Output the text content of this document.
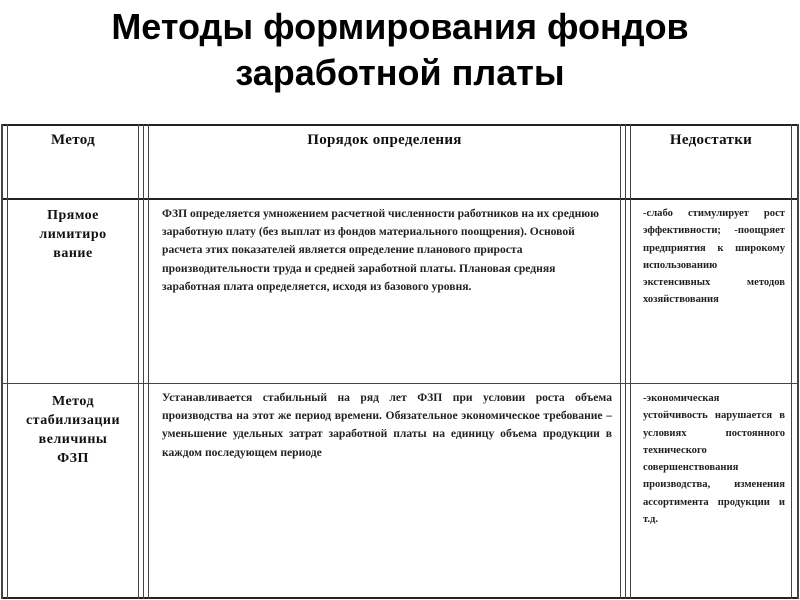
Методы формирования фондов
заработной платы
Метод	Порядок определения	Недостатки
Прямое
лимитиро
вание
ФЗП определяется умножением расчетной численности работников на их среднюю заработную плату (без выплат из фондов материального поощрения). Основой расчета этих показателей является определение планового прироста производительности труда и средней заработной платы. Плановая средняя заработная плата определяется, исходя из базового уровня.
-слабо стимулирует рост эффективности; -поощряет предприятия к широкому использованию экстенсивных методов хозяйствования
Метод
стабилизации
величины
ФЗП
Устанавливается стабильный на ряд лет ФЗП при условии роста объема производства на этот же период времени. Обязательное экономическое требование – уменьшение удельных затрат заработной платы на единицу объема продукции в каждом последующем периоде
-экономическая устойчивость нарушается в условиях постоянного технического совершенствования производства, изменения ассортимента продукции и т.д.
